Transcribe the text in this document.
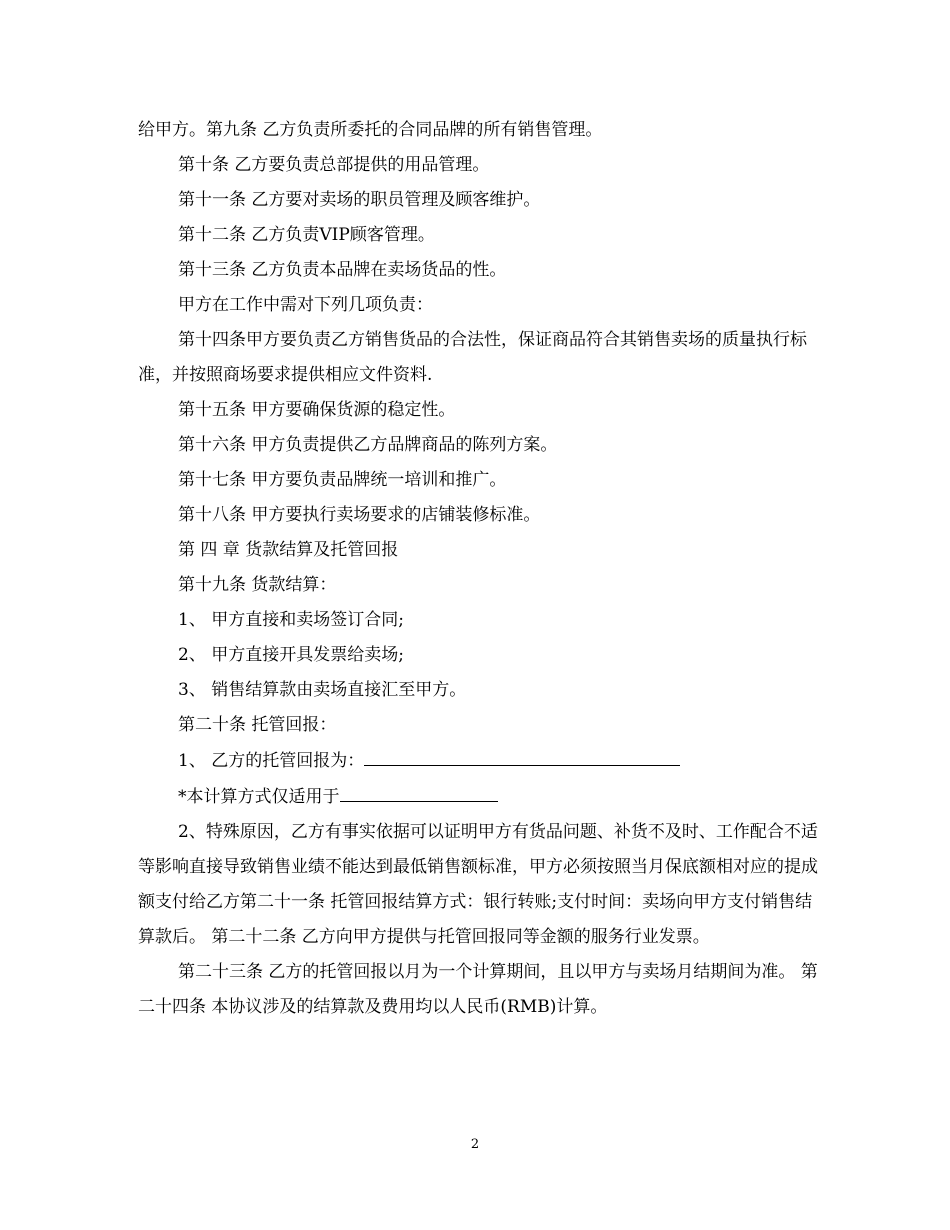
给甲方。第九条 乙方负责所委托的合同品牌的所有销售管理。

第十条 乙方要负责总部提供的用品管理。

第十一条 乙方要对卖场的职员管理及顾客维护。

第十二条 乙方负责VIP顾客管理。

第十三条 乙方负责本品牌在卖场货品的性。

甲方在工作中需对下列几项负责：

第十四条甲方要负责乙方销售货品的合法性，保证商品符合其销售卖场的质量执行标准，并按照商场要求提供相应文件资料.

第十五条 甲方要确保货源的稳定性。

第十六条 甲方负责提供乙方品牌商品的陈列方案。

第十七条 甲方要负责品牌统一培训和推广。

第十八条 甲方要执行卖场要求的店铺装修标准。

第 四 章 货款结算及托管回报

第十九条 货款结算：

1、 甲方直接和卖场签订合同;

2、 甲方直接开具发票给卖场;

3、 销售结算款由卖场直接汇至甲方。

第二十条 托管回报：

1、 乙方的托管回报为：

*本计算方式仅适用于

2、特殊原因，乙方有事实依据可以证明甲方有货品问题、补货不及时、工作配合不适等影响直接导致销售业绩不能达到最低销售额标准，甲方必须按照当月保底额相对应的提成额支付给乙方第二十一条 托管回报结算方式：银行转账;支付时间：卖场向甲方支付销售结算款后。 第二十二条 乙方向甲方提供与托管回报同等金额的服务行业发票。

第二十三条 乙方的托管回报以月为一个计算期间，且以甲方与卖场月结期间为准。 第二十四条 本协议涉及的结算款及费用均以人民币(RMB)计算。

2
